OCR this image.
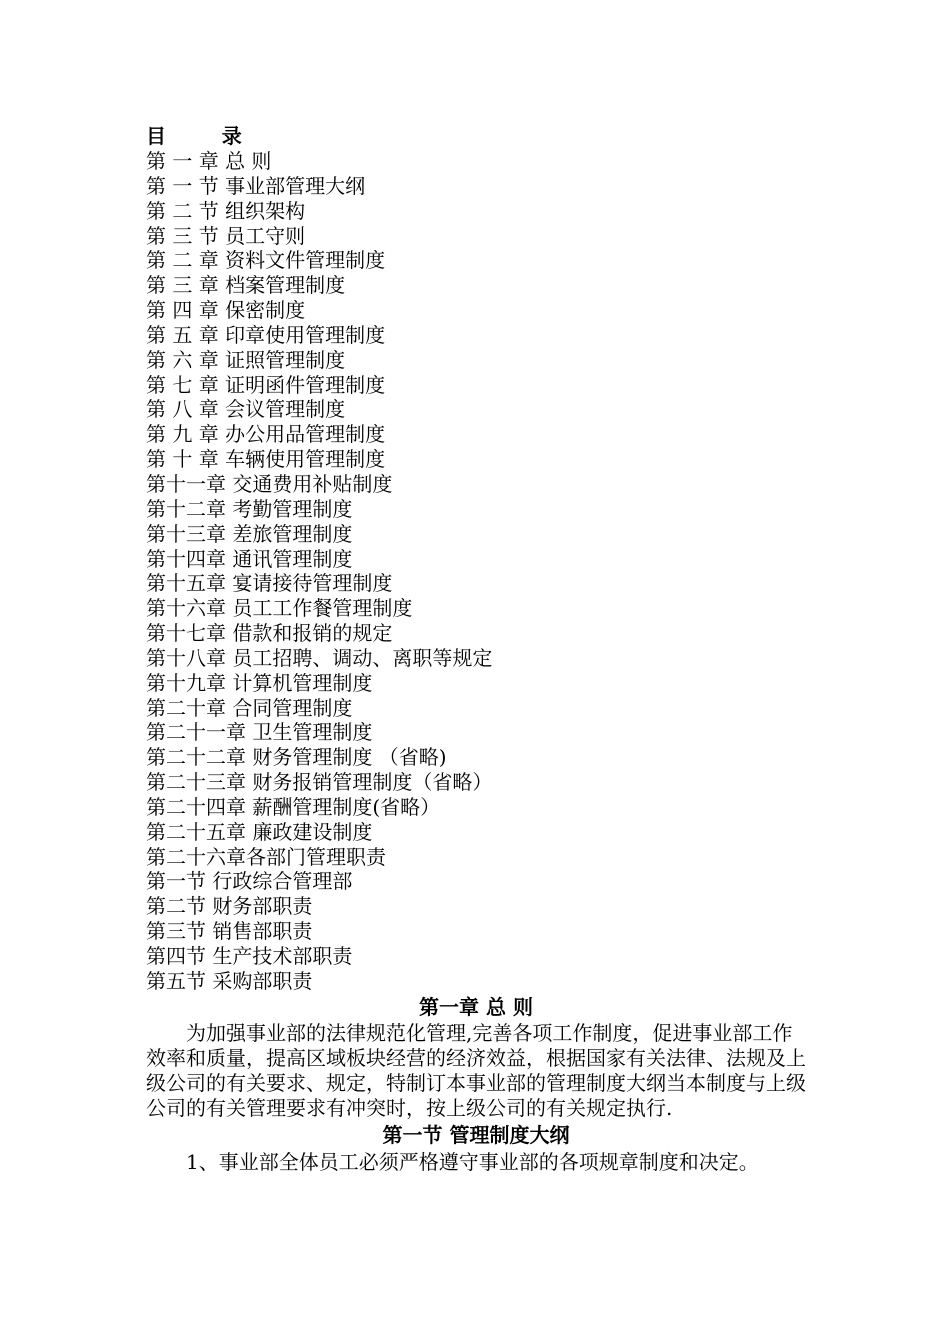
目        录
第 一 章 总 则
第 一 节 事业部管理大纲
第 二 节 组织架构
第 三 节 员工守则
第 二 章 资料文件管理制度
第 三 章 档案管理制度
第 四 章 保密制度
第 五 章 印章使用管理制度
第 六 章 证照管理制度
第 七 章 证明函件管理制度
第 八 章 会议管理制度
第 九 章 办公用品管理制度
第 十 章 车辆使用管理制度
第十一章 交通费用补贴制度
第十二章 考勤管理制度
第十三章 差旅管理制度
第十四章 通讯管理制度
第十五章 宴请接待管理制度
第十六章 员工工作餐管理制度
第十七章 借款和报销的规定
第十八章 员工招聘、调动、离职等规定
第十九章 计算机管理制度
第二十章 合同管理制度
第二十一章 卫生管理制度
第二十二章 财务管理制度 （省略)
第二十三章 财务报销管理制度（省略）
第二十四章 薪酬管理制度(省略）
第二十五章 廉政建设制度
第二十六章各部门管理职责
第一节 行政综合管理部
第二节 财务部职责
第三节 销售部职责
第四节 生产技术部职责
第五节 采购部职责
第一章 总 则

为加强事业部的法律规范化管理,完善各项工作制度，促进事业部工作效率和质量，提高区域板块经营的经济效益，根据国家有关法律、法规及上级公司的有关要求、规定，特制订本事业部的管理制度大纲当本制度与上级公司的有关管理要求有冲突时，按上级公司的有关规定执行.

第一节 管理制度大纲

1、事业部全体员工必须严格遵守事业部的各项规章制度和决定。
